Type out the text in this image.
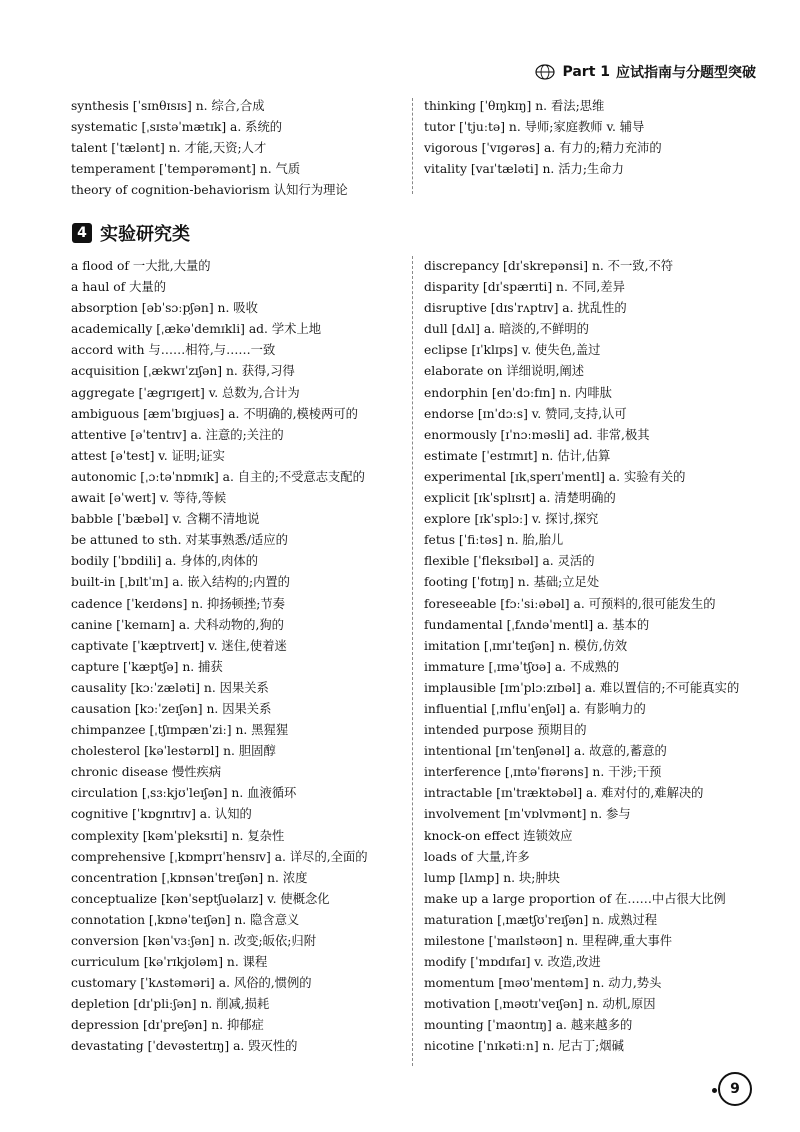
Part 1 应试指南与分题型突破
synthesis [ˈsɪnθɪsɪs] n. 综合,合成
systematic [ˌsɪstəˈmætɪk] a. 系统的
talent [ˈtælənt] n. 才能,天资;人才
temperament [ˈtempərəmənt] n. 气质
theory of cognition-behaviorism 认知行为理论
thinking [ˈθɪŋkɪŋ] n. 看法;思维
tutor [ˈtjuːtə] n. 导师;家庭教师 v. 辅导
vigorous [ˈvɪgərəs] a. 有力的;精力充沛的
vitality [vaɪˈtæləti] n. 活力;生命力
4 实验研究类
a flood of 一大批,大量的
a haul of 大量的
absorption [əbˈsɔːpʃən] n. 吸收
academically [ˌækəˈdemɪkli] ad. 学术上地
accord with 与……相符,与……一致
acquisition [ˌækwɪˈzɪʃən] n. 获得,习得
aggregate [ˈægrɪgeɪt] v. 总数为,合计为
ambiguous [æmˈbɪgjuəs] a. 不明确的,模棱两可的
attentive [əˈtentɪv] a. 注意的;关注的
attest [əˈtest] v. 证明;证实
autonomic [ˌɔːtəˈnɒmɪk] a. 自主的;不受意志支配的
await [əˈweɪt] v. 等待,等候
babble [ˈbæbəl] v. 含糊不清地说
be attuned to sth. 对某事熟悉/适应的
bodily [ˈbɒdili] a. 身体的,肉体的
built-in [ˌbɪltˈɪn] a. 嵌入结构的;内置的
cadence [ˈkeɪdəns] n. 抑扬顿挫;节奏
canine [ˈkeɪnaɪn] a. 犬科动物的,狗的
captivate [ˈkæptɪveɪt] v. 迷住,使着迷
capture [ˈkæptʃə] n. 捕获
causality [kɔːˈzæləti] n. 因果关系
causation [kɔːˈzeɪʃən] n. 因果关系
chimpanzee [ˌtʃɪmpænˈziː] n. 黑猩猩
cholesterol [kəˈlestərɒl] n. 胆固醇
chronic disease 慢性疾病
circulation [ˌsɜːkjʊˈleɪʃən] n. 血液循环
cognitive [ˈkɒgnɪtɪv] a. 认知的
complexity [kəmˈpleksɪti] n. 复杂性
comprehensive [ˌkɒmprɪˈhensɪv] a. 详尽的,全面的
concentration [ˌkɒnsənˈtreɪʃən] n. 浓度
conceptualize [kənˈseptʃuəlaɪz] v. 使概念化
connotation [ˌkɒnəˈteɪʃən] n. 隐含意义
conversion [kənˈvɜːʃən] n. 改变;皈依;归附
curriculum [kəˈrɪkjʊləm] n. 课程
customary [ˈkʌstəməri] a. 风俗的,惯例的
depletion [dɪˈpliːʃən] n. 削减,损耗
depression [dɪˈpreʃən] n. 抑郁症
devastating [ˈdevəsteɪtɪŋ] a. 毁灭性的
discrepancy [dɪˈskrepənsi] n. 不一致,不符
disparity [dɪˈspærɪti] n. 不同,差异
disruptive [dɪsˈrʌptɪv] a. 扰乱性的
dull [dʌl] a. 暗淡的,不鲜明的
eclipse [ɪˈklɪps] v. 使失色,盖过
elaborate on 详细说明,阐述
endorphin [enˈdɔːfɪn] n. 内啡肽
endorse [ɪnˈdɔːs] v. 赞同,支持,认可
enormously [ɪˈnɔːməsli] ad. 非常,极其
estimate [ˈestɪmɪt] n. 估计,估算
experimental [ɪkˌsperɪˈmentl] a. 实验有关的
explicit [ɪkˈsplɪsɪt] a. 清楚明确的
explore [ɪkˈsplɔː] v. 探讨,探究
fetus [ˈfiːtəs] n. 胎,胎儿
flexible [ˈfleksɪbəl] a. 灵活的
footing [ˈfʊtɪŋ] n. 基础;立足处
foreseeable [fɔːˈsiːəbəl] a. 可预料的,很可能发生的
fundamental [ˌfʌndəˈmentl] a. 基本的
imitation [ˌɪmɪˈteɪʃən] n. 模仿,仿效
immature [ˌɪməˈtʃʊə] a. 不成熟的
implausible [ɪmˈplɔːzɪbəl] a. 难以置信的;不可能真实的
influential [ˌɪnfluˈenʃəl] a. 有影响力的
intended purpose 预期目的
intentional [ɪnˈtenʃənəl] a. 故意的,蓄意的
interference [ˌɪntəˈfɪərəns] n. 干涉;干预
intractable [ɪnˈtræktəbəl] a. 难对付的,难解决的
involvement [ɪnˈvɒlvmənt] n. 参与
knock-on effect 连锁效应
loads of 大量,许多
lump [lʌmp] n. 块;肿块
make up a large proportion of 在……中占很大比例
maturation [ˌmætʃʊˈreɪʃən] n. 成熟过程
milestone [ˈmaɪlstəʊn] n. 里程碑,重大事件
modify [ˈmɒdɪfaɪ] v. 改造,改进
momentum [məʊˈmentəm] n. 动力,势头
motivation [ˌməʊtɪˈveɪʃən] n. 动机,原因
mounting [ˈmaʊntɪŋ] a. 越来越多的
nicotine [ˈnɪkətiːn] n. 尼古丁;烟碱
9
